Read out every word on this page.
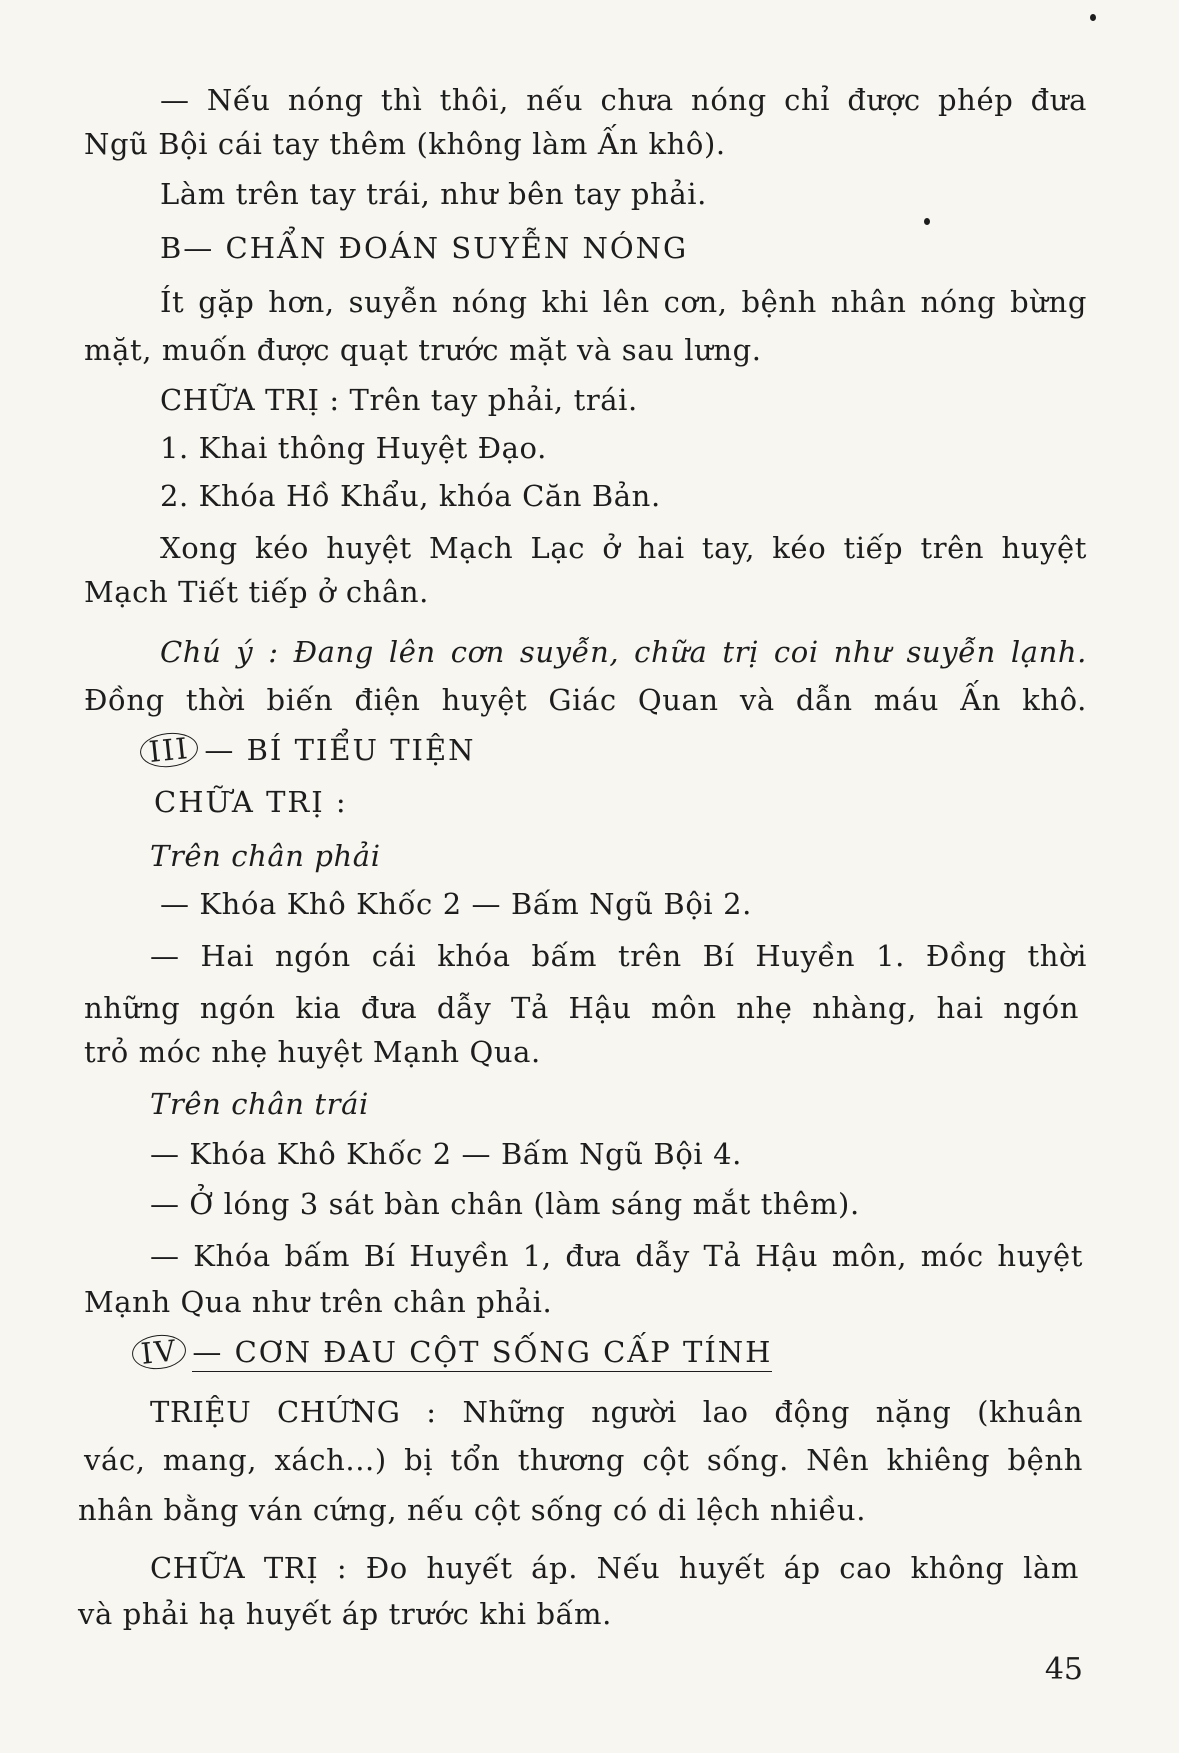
— Nếu nóng thì thôi, nếu chưa nóng chỉ được phép đưa
Ngũ Bội cái tay thêm (không làm Ấn khô).
Làm trên tay trái, như bên tay phải.
B— CHẨN ĐOÁN SUYỄN NÓNG
Ít gặp hơn, suyễn nóng khi lên cơn, bệnh nhân nóng bừng
mặt, muốn được quạt trước mặt và sau lưng.
CHỮA TRỊ : Trên tay phải, trái.
1. Khai thông Huyệt Đạo.
2. Khóa Hồ Khẩu, khóa Căn Bản.
Xong kéo huyệt Mạch Lạc ở hai tay, kéo tiếp trên huyệt
Mạch Tiết tiếp ở chân.
Chú ý : Đang lên cơn suyễn, chữa trị coi như suyễn lạnh.
Đồng thời biến điện huyệt Giác Quan và dẫn máu Ấn khô.
III — BÍ TIỂU TIỆN
CHỮA TRỊ :
Trên chân phải
— Khóa Khô Khốc 2 — Bấm Ngũ Bội 2.
— Hai ngón cái khóa bấm trên Bí Huyền 1. Đồng thời
những ngón kia đưa dẫy Tả Hậu môn nhẹ nhàng, hai ngón
trỏ móc nhẹ huyệt Mạnh Qua.
Trên chân trái
— Khóa Khô Khốc 2 — Bấm Ngũ Bội 4.
— Ở lóng 3 sát bàn chân (làm sáng mắt thêm).
— Khóa bấm Bí Huyền 1, đưa dẫy Tả Hậu môn, móc huyệt
Mạnh Qua như trên chân phải.
IV — CƠN ĐAU CỘT SỐNG CẤP TÍNH
TRIỆU CHỨNG : Những người lao động nặng (khuân
vác, mang, xách...) bị tổn thương cột sống. Nên khiêng bệnh
nhân bằng ván cứng, nếu cột sống có di lệch nhiều.
CHỮA TRỊ : Đo huyết áp. Nếu huyết áp cao không làm
và phải hạ huyết áp trước khi bấm.
45
